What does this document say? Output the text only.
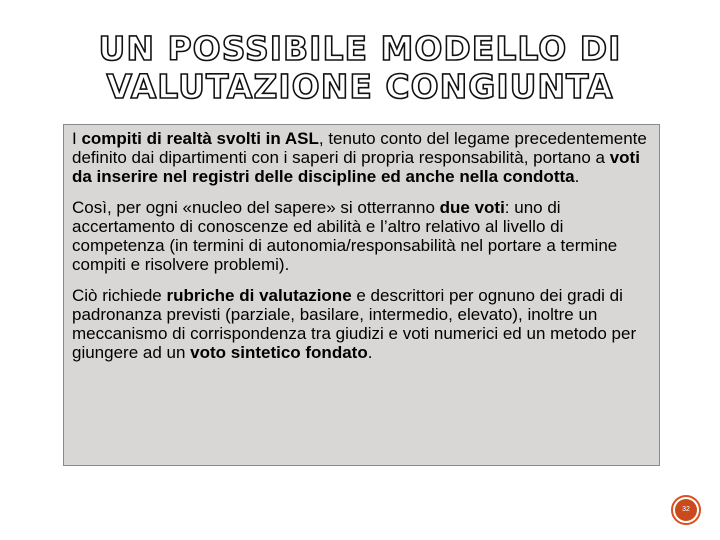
UN POSSIBILE MODELLO DI
VALUTAZIONE CONGIUNTA

I compiti di realtà svolti in ASL, tenuto conto del legame precedentemente definito dai dipartimenti con i saperi di propria responsabilità, portano a voti da inserire nel registri delle discipline ed anche nella condotta.

Così, per ogni «nucleo del sapere» si otterranno due voti: uno di accertamento di conoscenze ed abilità e l’altro relativo al livello di competenza (in termini di autonomia/responsabilità nel portare a termine compiti e risolvere problemi).

Ciò richiede rubriche di valutazione e descrittori per ognuno dei gradi di padronanza previsti (parziale, basilare, intermedio, elevato), inoltre un meccanismo di corrispondenza tra giudizi e voti numerici ed un metodo per giungere ad un voto sintetico fondato.

32
